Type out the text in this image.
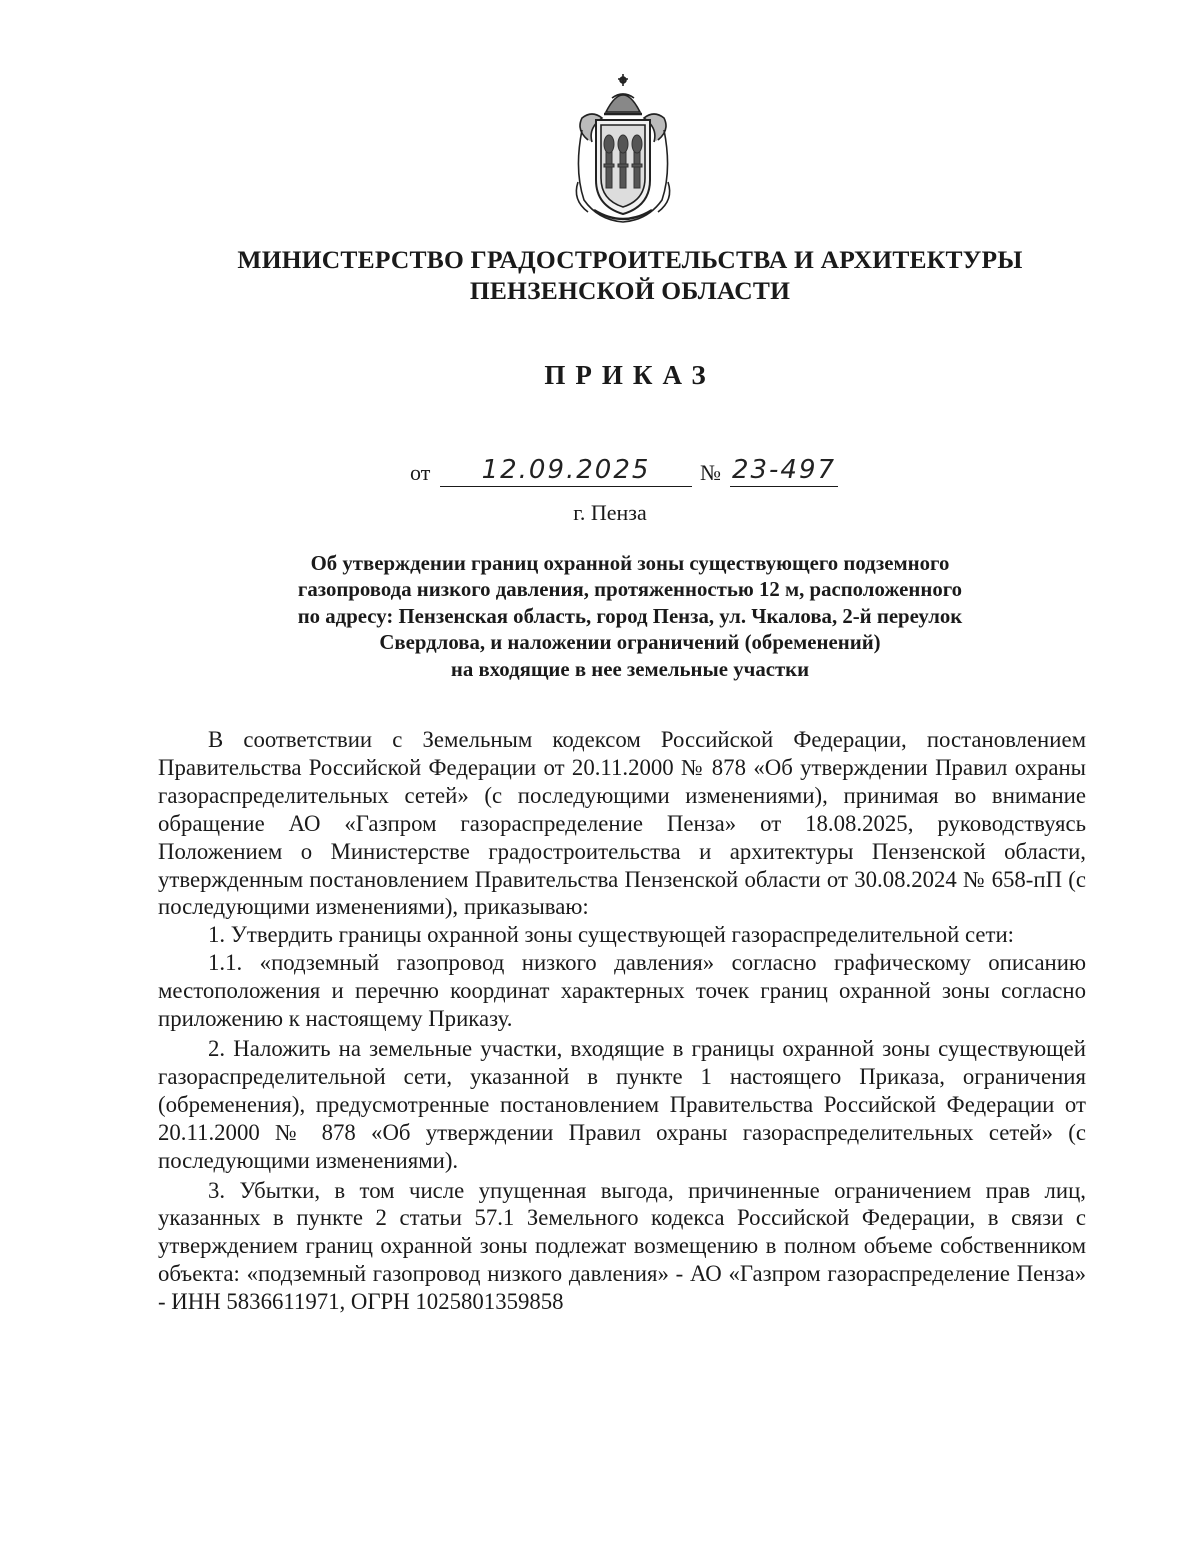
МИНИСТЕРСТВО ГРАДОСТРОИТЕЛЬСТВА И АРХИТЕКТУРЫ
ПЕНЗЕНСКОЙ ОБЛАСТИ
ПРИКАЗ
от	12.09.2025	№ 23-497
г. Пенза
Об утверждении границ охранной зоны существующего подземного
газопровода низкого давления, протяженностью 12 м, расположенного
по адресу: Пензенская область, город Пенза, ул. Чкалова, 2-й переулок
Свердлова, и наложении ограничений (обременений)
на входящие в нее земельные участки

В соответствии с Земельным кодексом Российской Федерации, постановлением Правительства Российской Федерации от 20.11.2000 № 878 «Об утверждении Правил охраны газораспределительных сетей» (с последующими изменениями), принимая во внимание обращение АО «Газпром газораспределение Пенза» от 18.08.2025, руководствуясь Положением о Министерстве градостроительства и архитектуры Пензенской области, утвержденным постановлением Правительства Пензенской области от 30.08.2024 № 658-пП (с последующими изменениями), приказываю:

1. Утвердить границы охранной зоны существующей газораспределительной сети:

1.1. «подземный газопровод низкого давления» согласно графическому описанию местоположения и перечню координат характерных точек границ охранной зоны согласно приложению к настоящему Приказу.

2. Наложить на земельные участки, входящие в границы охранной зоны существующей газораспределительной сети, указанной в пункте 1 настоящего Приказа, ограничения (обременения), предусмотренные постановлением Правительства Российской Федерации от 20.11.2000 № 878 «Об утверждении Правил охраны газораспределительных сетей» (с последующими изменениями).

3. Убытки, в том числе упущенная выгода, причиненные ограничением прав лиц, указанных в пункте 2 статьи 57.1 Земельного кодекса Российской Федерации, в связи с утверждением границ охранной зоны подлежат возмещению в полном объеме собственником объекта: «подземный газопровод низкого давления» - АО «Газпром газораспределение Пенза» - ИНН 5836611971, ОГРН 1025801359858
